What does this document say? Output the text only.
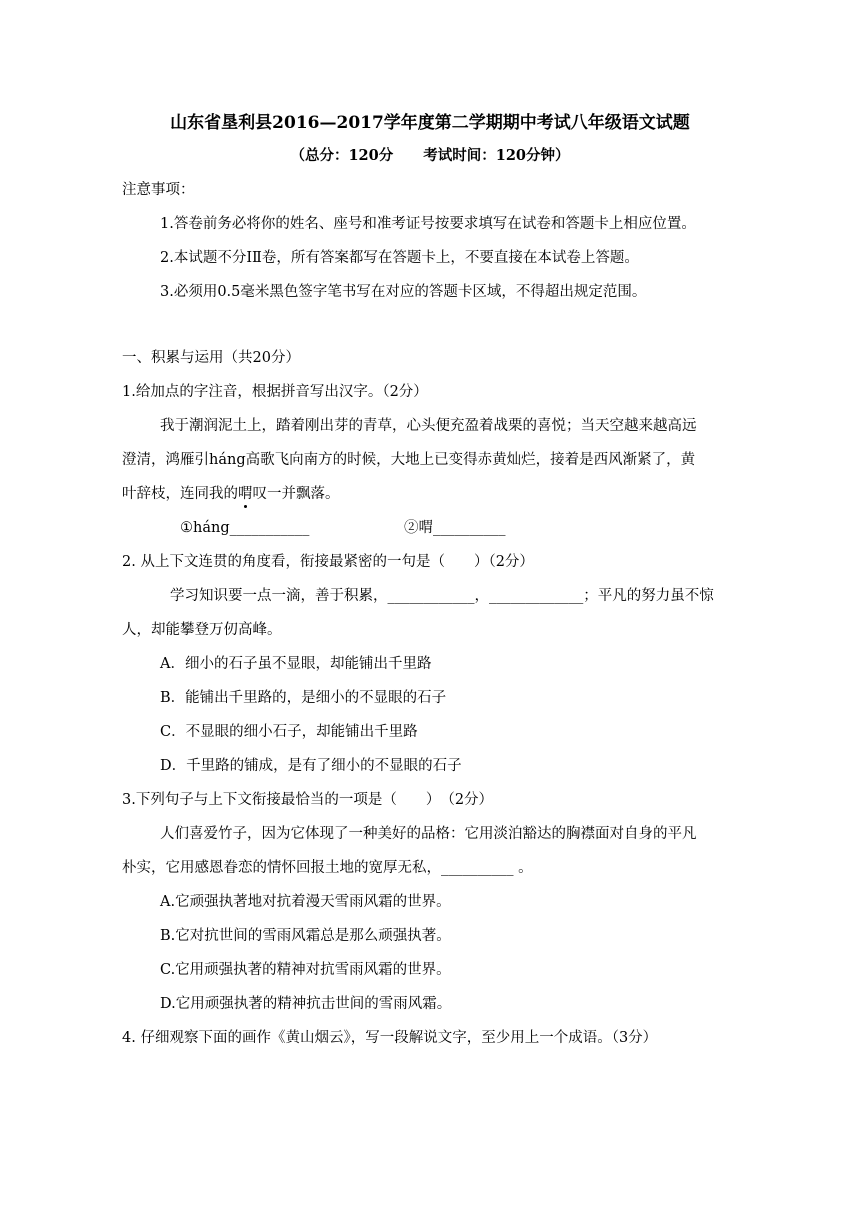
山东省垦利县2016—2017学年度第二学期期中考试八年级语文试题
（总分：120分 考试时间：120分钟）
注意事项：
1.答卷前务必将你的姓名、座号和准考证号按要求填写在试卷和答题卡上相应位置。
2.本试题不分ⅠⅡ卷，所有答案都写在答题卡上，不要直接在本试卷上答题。
3.必须用0.5毫米黑色签字笔书写在对应的答题卡区域，不得超出规定范围。
一、积累与运用（共20分）
1.给加点的字注音，根据拼音写出汉字。（2分）
我于潮润泥土上，踏着刚出芽的青草，心头便充盈着战栗的喜悦；当天空越来越高远
澄清，鸿雁引háng高歌飞向南方的时候，大地上已变得赤黄灿烂，接着是西风渐紧了，黄
叶辞枝，连同我的喟叹一并飘落。
①háng___________	②喟__________
2. 从上下文连贯的角度看，衔接最紧密的一句是（　　）（2分）
学习知识要一点一滴，善于积累，____________，_____________；平凡的努力虽不惊
人，却能攀登万仞高峰。
A．细小的石子虽不显眼，却能铺出千里路
B．能铺出千里路的，是细小的不显眼的石子
C．不显眼的细小石子，却能铺出千里路
D．千里路的铺成，是有了细小的不显眼的石子
3.下列句子与上下文衔接最恰当的一项是（　　）　（2分）
人们喜爱竹子，因为它体现了一种美好的品格：它用淡泊豁达的胸襟面对自身的平凡
朴实，它用感恩眷恋的情怀回报土地的宽厚无私，__________ 。
A.它顽强执著地对抗着漫天雪雨风霜的世界。
B.它对抗世间的雪雨风霜总是那么顽强执著。
C.它用顽强执著的精神对抗雪雨风霜的世界。
D.它用顽强执著的精神抗击世间的雪雨风霜。
4. 仔细观察下面的画作《黄山烟云》，写一段解说文字，至少用上一个成语。（3分）
